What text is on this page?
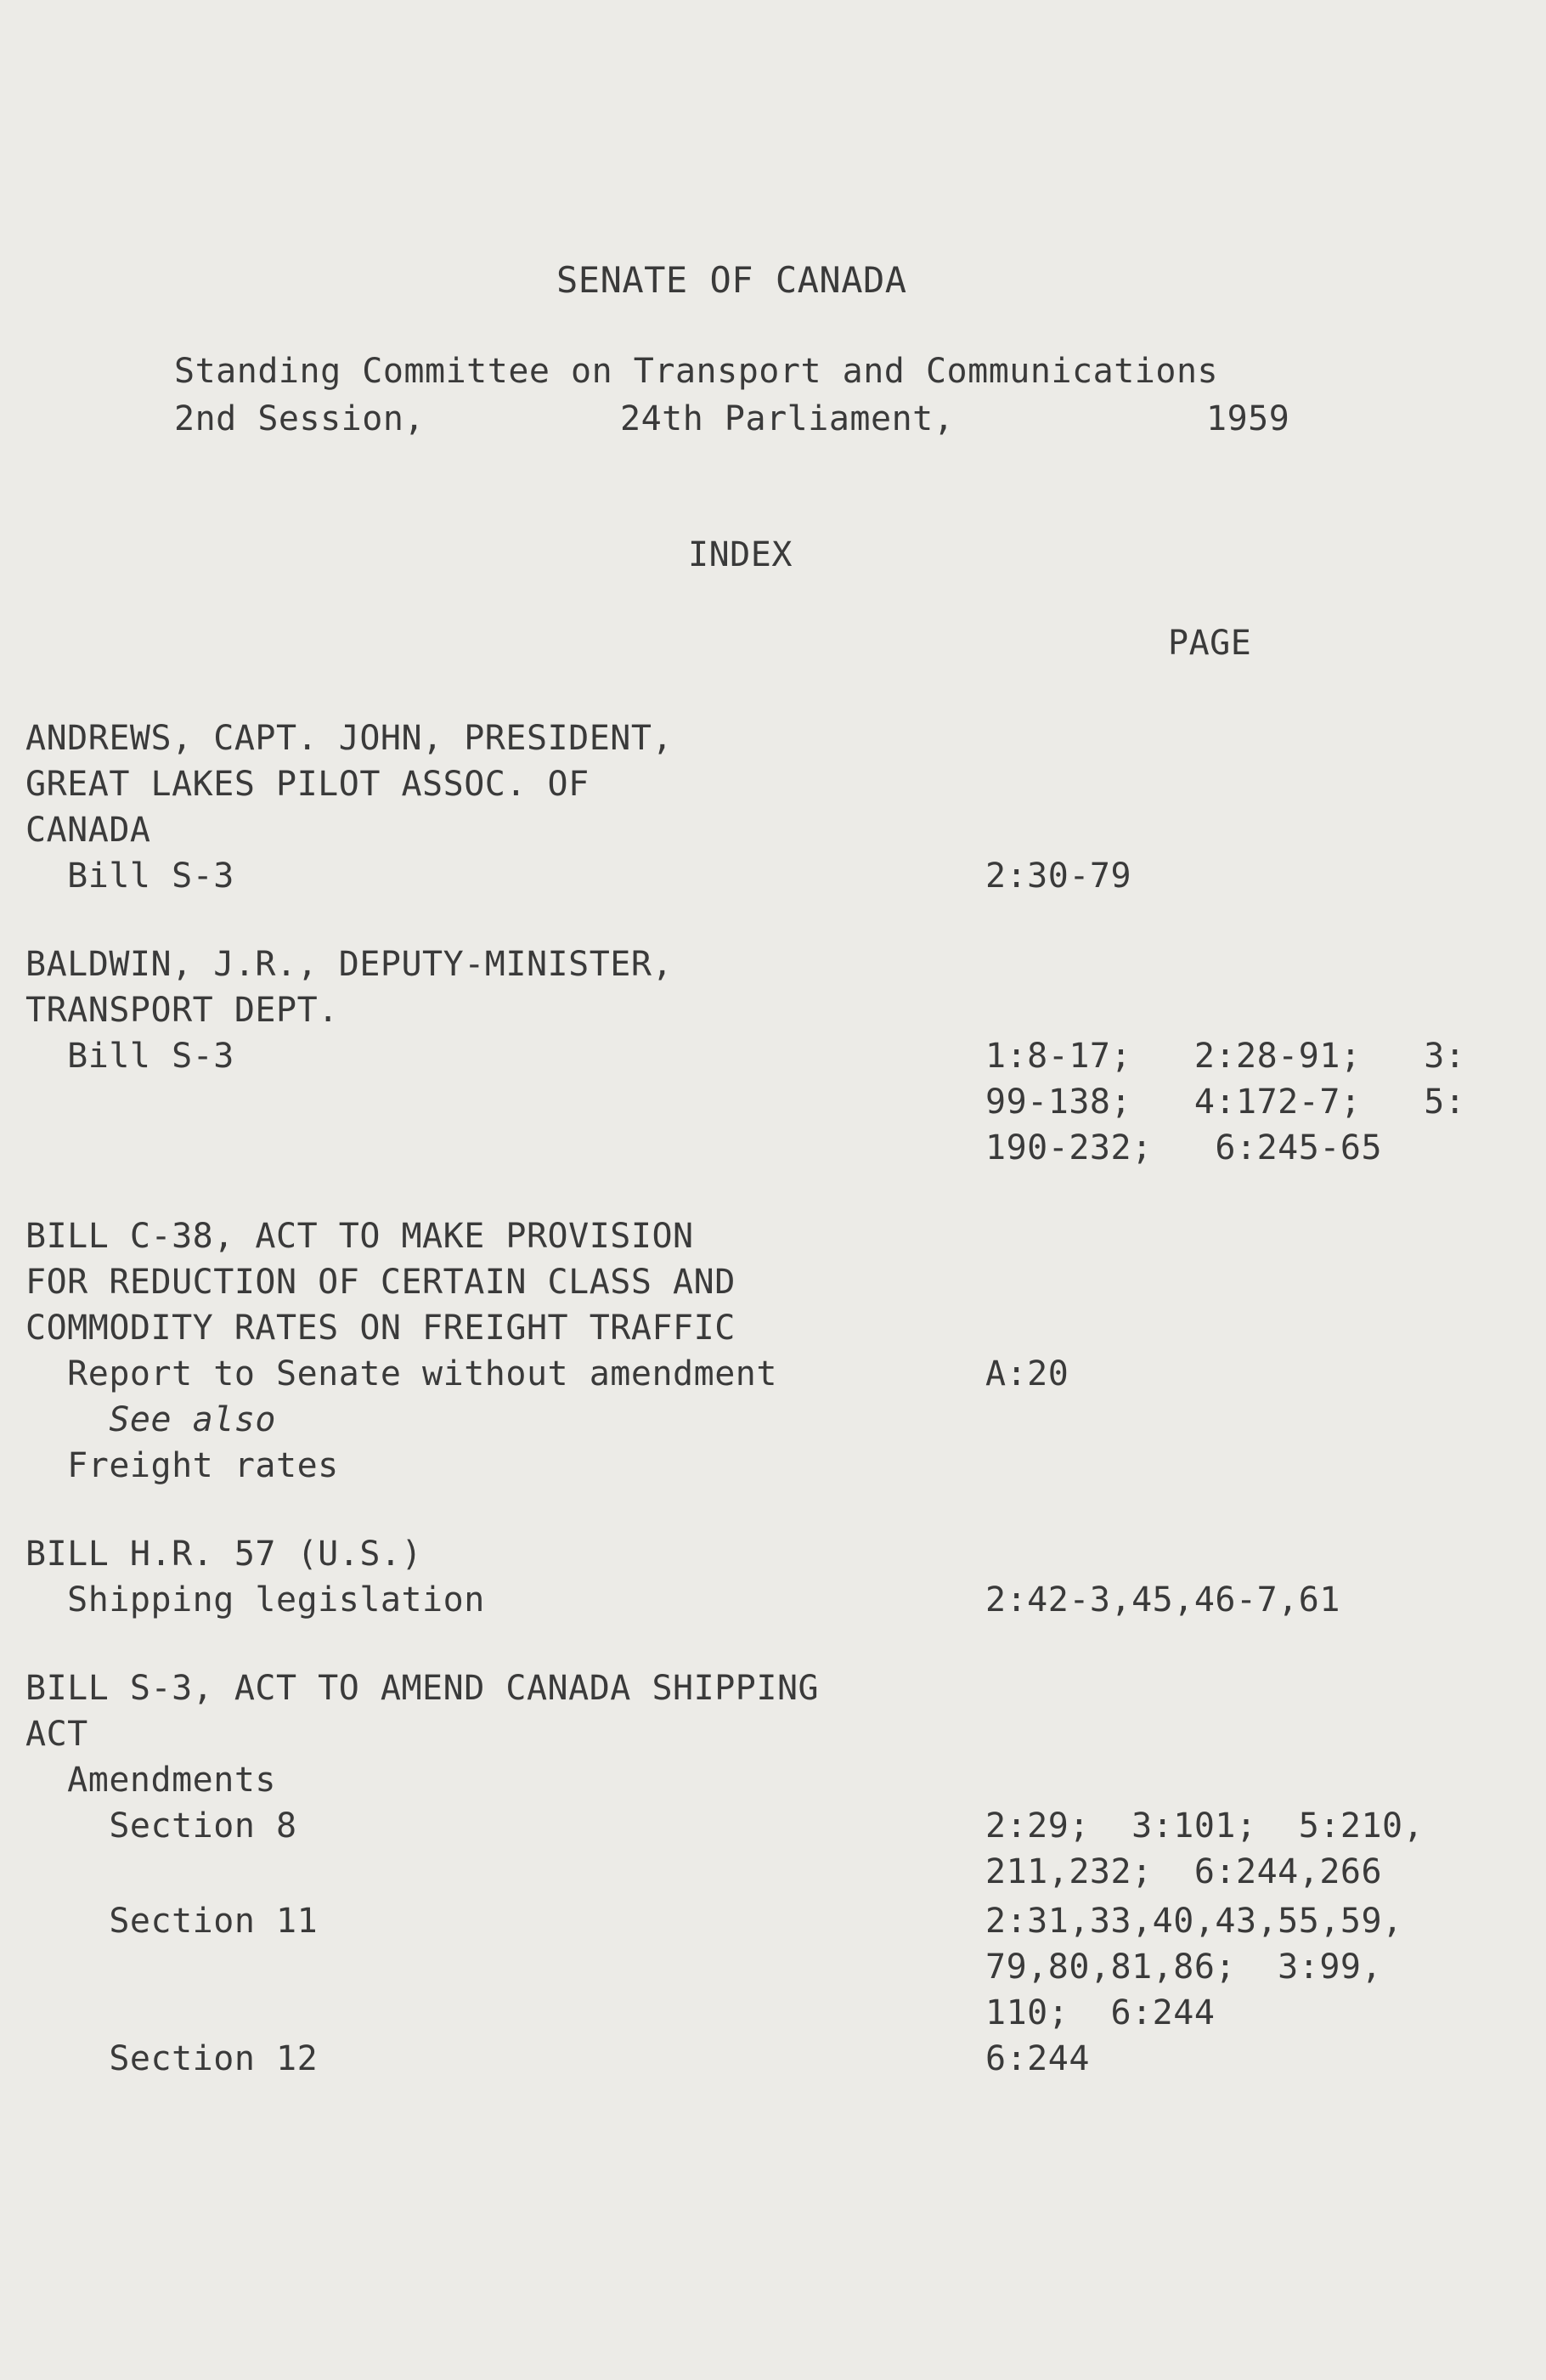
SENATE OF CANADA
Standing Committee on Transport and Communications
2nd Session,	24th Parliament,	1959
INDEX
PAGE
ANDREWS, CAPT. JOHN, PRESIDENT,
GREAT LAKES PILOT ASSOC. OF
CANADA
Bill S-3	2:30-79
BALDWIN, J.R., DEPUTY-MINISTER,
TRANSPORT DEPT.
Bill S-3	1:8-17;   2:28-91;   3:
99-138;   4:172-7;   5:
190-232;   6:245-65
BILL C-38, ACT TO MAKE PROVISION
FOR REDUCTION OF CERTAIN CLASS AND
COMMODITY RATES ON FREIGHT TRAFFIC
Report to Senate without amendment	A:20
See also
Freight rates
BILL H.R. 57 (U.S.)
Shipping legislation	2:42-3,45,46-7,61
BILL S-3, ACT TO AMEND CANADA SHIPPING
ACT
Amendments
Section 8	2:29;  3:101;  5:210,
211,232;  6:244,266
Section 11	2:31,33,40,43,55,59,
79,80,81,86;  3:99,
110;  6:244
Section 12	6:244
